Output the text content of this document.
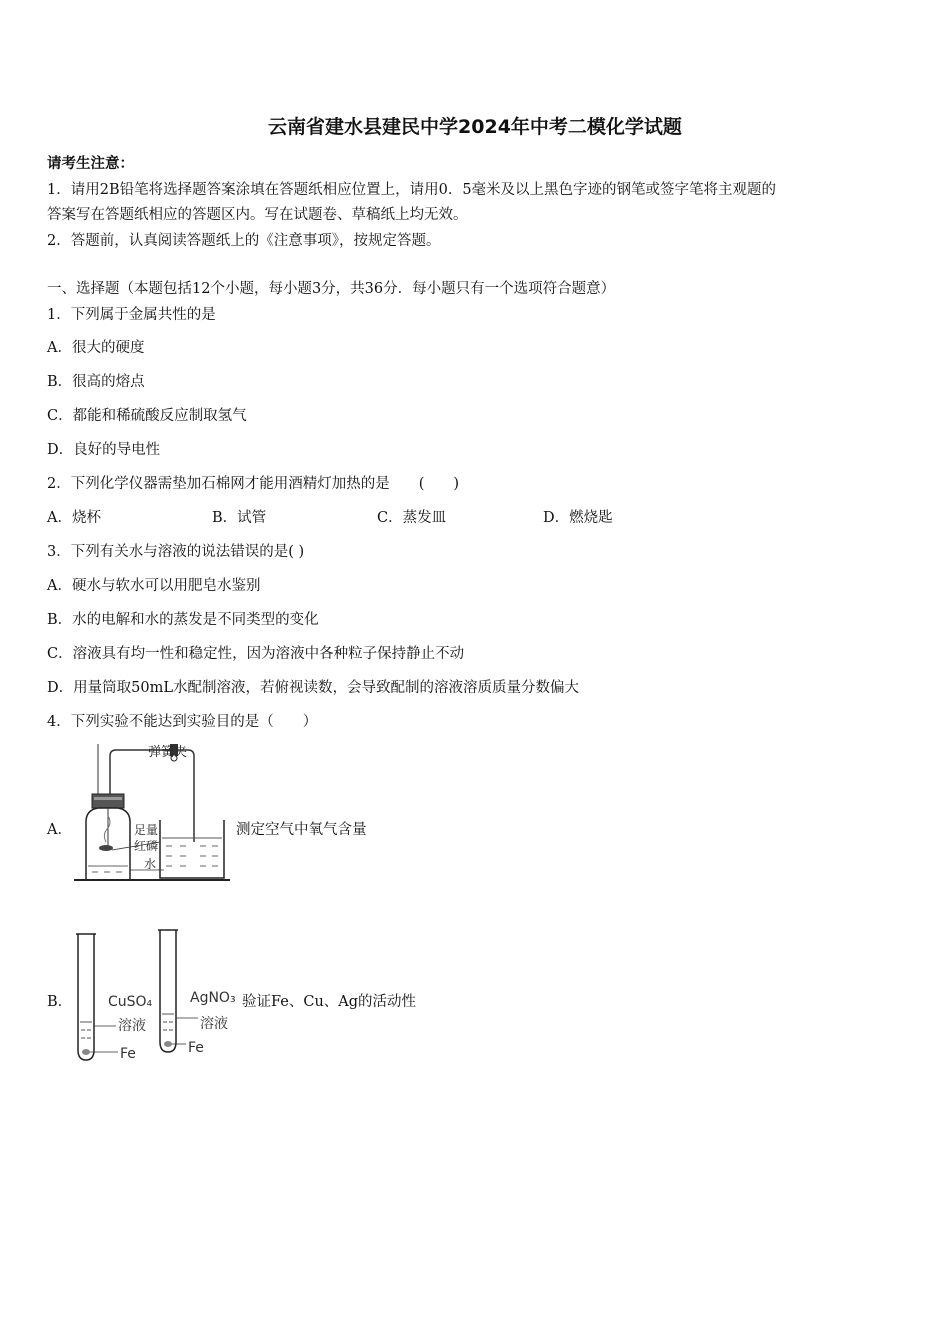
云南省建水县建民中学2024年中考二模化学试题
请考生注意：
1．请用2B铅笔将选择题答案涂填在答题纸相应位置上，请用0．5毫米及以上黑色字迹的钢笔或签字笔将主观题的
答案写在答题纸相应的答题区内。写在试题卷、草稿纸上均无效。
2．答题前，认真阅读答题纸上的《注意事项》，按规定答题。
一、选择题（本题包括12个小题，每小题3分，共36分．每小题只有一个选项符合题意）
1．下列属于金属共性的是
A．很大的硬度
B．很高的熔点
C．都能和稀硫酸反应制取氢气
D．良好的导电性
2．下列化学仪器需垫加石棉网才能用酒精灯加热的是　　(　　)
A．烧杯	B．试管	C．蒸发皿	D．燃烧匙
3．下列有关水与溶液的说法错误的是( )
A．硬水与软水可以用肥皂水鉴别
B．水的电解和水的蒸发是不同类型的变化
C．溶液具有均一性和稳定性，因为溶液中各种粒子保持静止不动
D．用量筒取50mL水配制溶液，若俯视读数，会导致配制的溶液溶质质量分数偏大
4．下列实验不能达到实验目的是（　　）
A．
弹簧夹
足量
红磷
水
测定空气中氧气含量
B．	CuSO₄
溶液
Fe
AgNO₃
溶液
Fe
验证Fe、Cu、Ag的活动性
